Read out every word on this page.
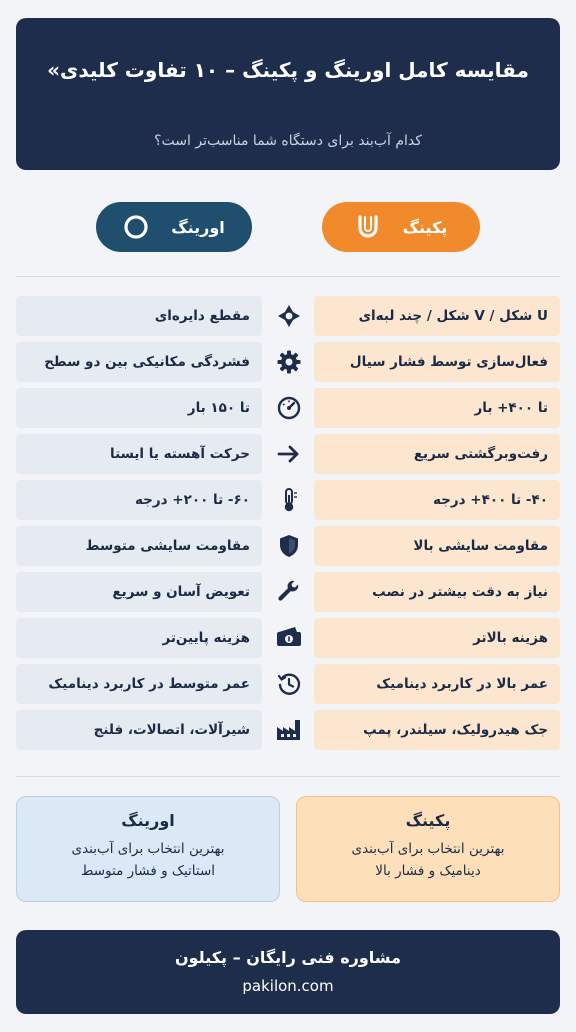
مقایسه کامل اورینگ و پکینگ – ۱۰ تفاوت کلیدی»
کدام آب‌بند برای دستگاه شما مناسب‌تر است؟
پکینگ
اورینگ
U شکل / V شکل / چند لبه‌ای
مقطع دایره‌ای
فعال‌سازی توسط فشار سیال
فشردگی مکانیکی بین دو سطح
تا ۴۰۰+ بار
تا ۱۵۰ بار
رفت‌وبرگشتی سریع
حرکت آهسته یا ایستا
۴۰- تا ۴۰۰+ درجه
۶۰- تا ۲۰۰+ درجه
مقاومت سایشی بالا
مقاومت سایشی متوسط
نیاز به دقت بیشتر در نصب
تعویض آسان و سریع
هزینه بالاتر
هزینه پایین‌تر
عمر بالا در کاربرد دینامیک
عمر متوسط در کاربرد دینامیک
جک هیدرولیک، سیلندر، پمپ
شیرآلات، اتصالات، فلنج
پکینگ
بهترین انتخاب برای آب‌بندی
دینامیک و فشار بالا
اورینگ
بهترین انتخاب برای آب‌بندی
استاتیک و فشار متوسط
مشاوره فنی رایگان – پکیلون
pakilon.com
